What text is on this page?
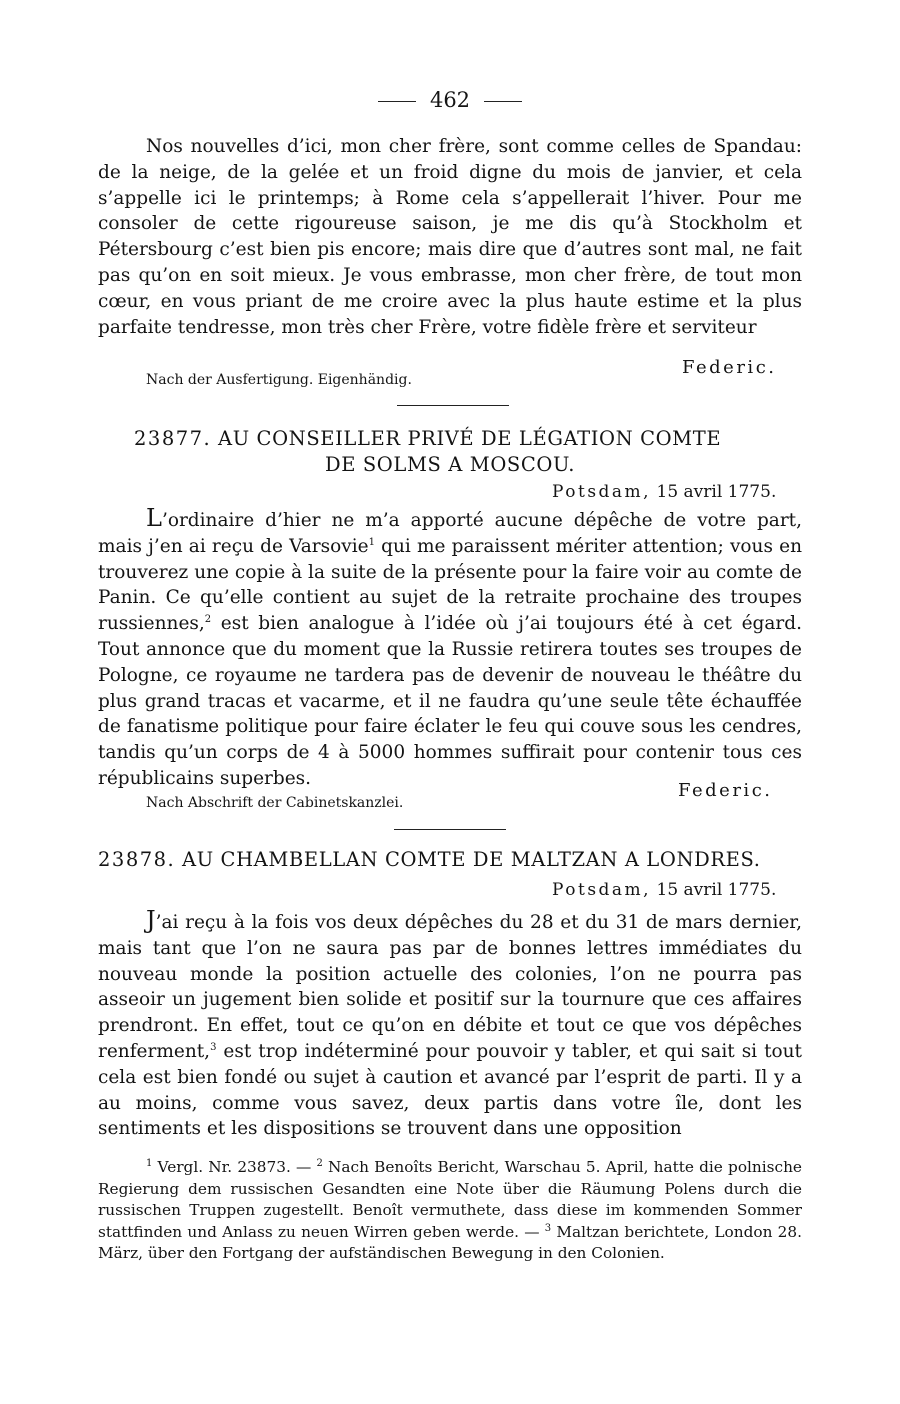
462

Nos nouvelles d’ici, mon cher frère, sont comme celles de Spandau: de la neige, de la gelée et un froid digne du mois de janvier, et cela s’appelle ici le printemps; à Rome cela s’appellerait l’hiver. Pour me consoler de cette rigoureuse saison, je me dis qu’à Stockholm et Pétersbourg c’est bien pis encore; mais dire que d’autres sont mal, ne fait pas qu’on en soit mieux. Je vous embrasse, mon cher frère, de tout mon cœur, en vous priant de me croire avec la plus haute estime et la plus parfaite tendresse, mon très cher Frère, votre fidèle frère et serviteur

Federic.
Nach der Ausfertigung. Eigenhändig.
23877. AU CONSEILLER PRIVÉ DE LÉGATION COMTE
DE SOLMS A MOSCOU.
Potsdam, 15 avril 1775.

L’ordinaire d’hier ne m’a apporté aucune dépêche de votre part, mais j’en ai reçu de Varsovie$^1$ qui me paraissent mériter attention; vous en trouverez une copie à la suite de la présente pour la faire voir au comte de Panin. Ce qu’elle contient au sujet de la retraite prochaine des troupes russiennes,$^2$ est bien analogue à l’idée où j’ai toujours été à cet égard. Tout annonce que du moment que la Russie retirera toutes ses troupes de Pologne, ce royaume ne tardera pas de devenir de nouveau le théâtre du plus grand tracas et vacarme, et il ne faudra qu’une seule tête échauffée de fanatisme politique pour faire éclater le feu qui couve sous les cendres, tandis qu’un corps de 4 à 5000 hommes suffirait pour contenir tous ces républicains superbes.

Federic.
Nach Abschrift der Cabinetskanzlei.
23878. AU CHAMBELLAN COMTE DE MALTZAN A LONDRES.
Potsdam, 15 avril 1775.

J’ai reçu à la fois vos deux dépêches du 28 et du 31 de mars dernier, mais tant que l’on ne saura pas par de bonnes lettres immédiates du nouveau monde la position actuelle des colonies, l’on ne pourra pas asseoir un jugement bien solide et positif sur la tournure que ces affaires prendront. En effet, tout ce qu’on en débite et tout ce que vos dépêches renferment,$^3$ est trop indéterminé pour pouvoir y tabler, et qui sait si tout cela est bien fondé ou sujet à caution et avancé par l’esprit de parti. Il y a au moins, comme vous savez, deux partis dans votre île, dont les sentiments et les dispositions se trouvent dans une opposition

$^1$ Vergl. Nr. 23873. — $^2$ Nach Benoîts Bericht, Warschau 5. April, hatte die polnische Regierung dem russischen Gesandten eine Note über die Räumung Polens durch die russischen Truppen zugestellt. Benoît vermuthete, dass diese im kommenden Sommer stattfinden und Anlass zu neuen Wirren geben werde. — $^3$ Maltzan berichtete, London 28. März, über den Fortgang der aufständischen Bewegung in den Colonien.
